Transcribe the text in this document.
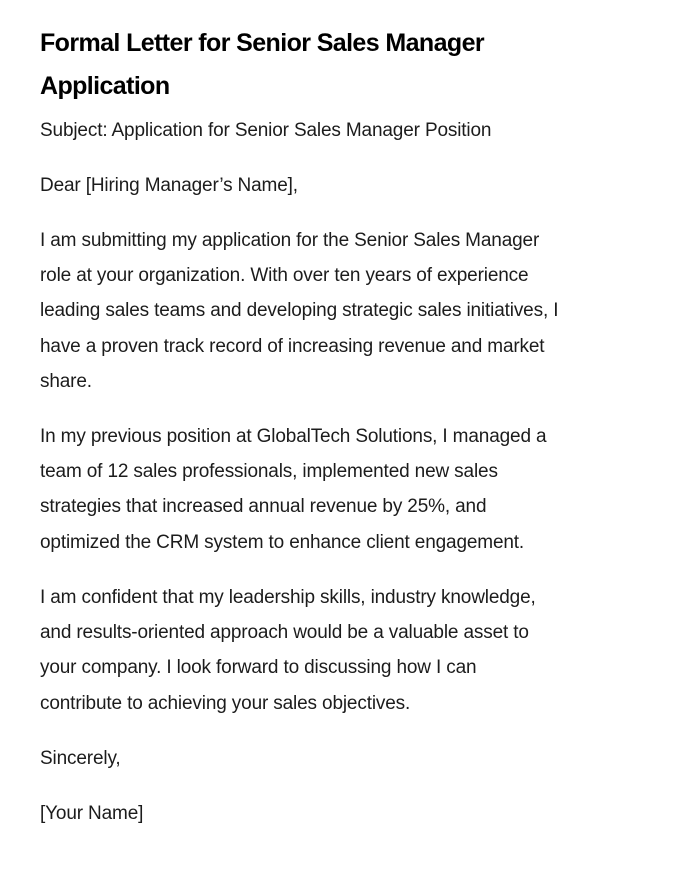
Formal Letter for Senior Sales Manager
Application

Subject: Application for Senior Sales Manager Position

Dear [Hiring Manager’s Name],

I am submitting my application for the Senior Sales Manager
role at your organization. With over ten years of experience
leading sales teams and developing strategic sales initiatives, I
have a proven track record of increasing revenue and market
share.

In my previous position at GlobalTech Solutions, I managed a
team of 12 sales professionals, implemented new sales
strategies that increased annual revenue by 25%, and
optimized the CRM system to enhance client engagement.

I am confident that my leadership skills, industry knowledge,
and results-oriented approach would be a valuable asset to
your company. I look forward to discussing how I can
contribute to achieving your sales objectives.

Sincerely,

[Your Name]
